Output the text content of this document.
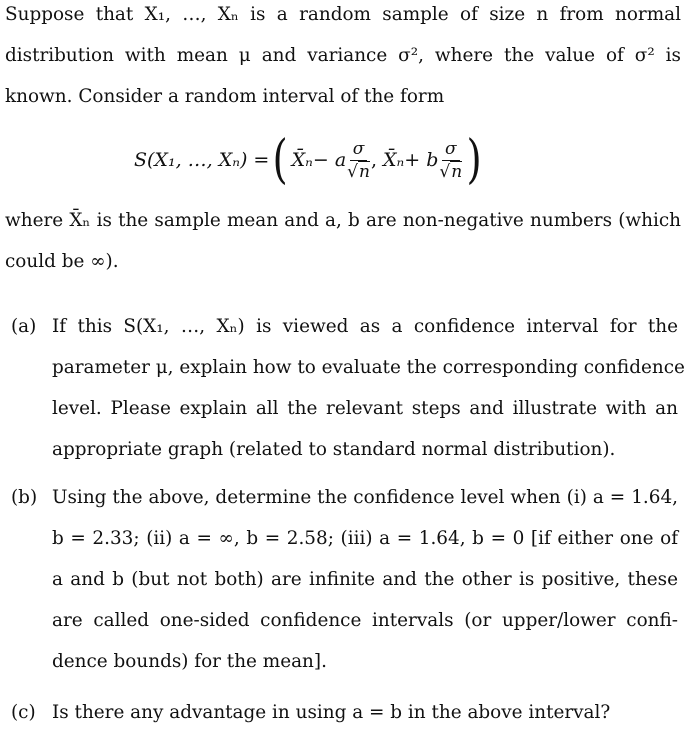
Suppose that X₁, …, Xₙ is a random sample of size n from normal
distribution with mean μ and variance σ², where the value of σ² is
known. Consider a random interval of the form
S(X₁, …, Xₙ) = ( X̄ₙ − a $\frac{\sigma}{√n}$ , X̄ₙ + b $\frac{\sigma}{√n}$ )
where X̄ₙ is the sample mean and a, b are non-negative numbers (which
could be ∞).
(a) If this S(X₁, …, Xₙ) is viewed as a confidence interval for the
parameter μ, explain how to evaluate the corresponding confidence
level. Please explain all the relevant steps and illustrate with an
appropriate graph (related to standard normal distribution).
(b) Using the above, determine the confidence level when (i) a = 1.64,
b = 2.33; (ii) a = ∞, b = 2.58; (iii) a = 1.64, b = 0 [if either one of
a and b (but not both) are infinite and the other is positive, these
are called one-sided confidence intervals (or upper/lower confi-
dence bounds) for the mean].
(c) Is there any advantage in using a = b in the above interval?
